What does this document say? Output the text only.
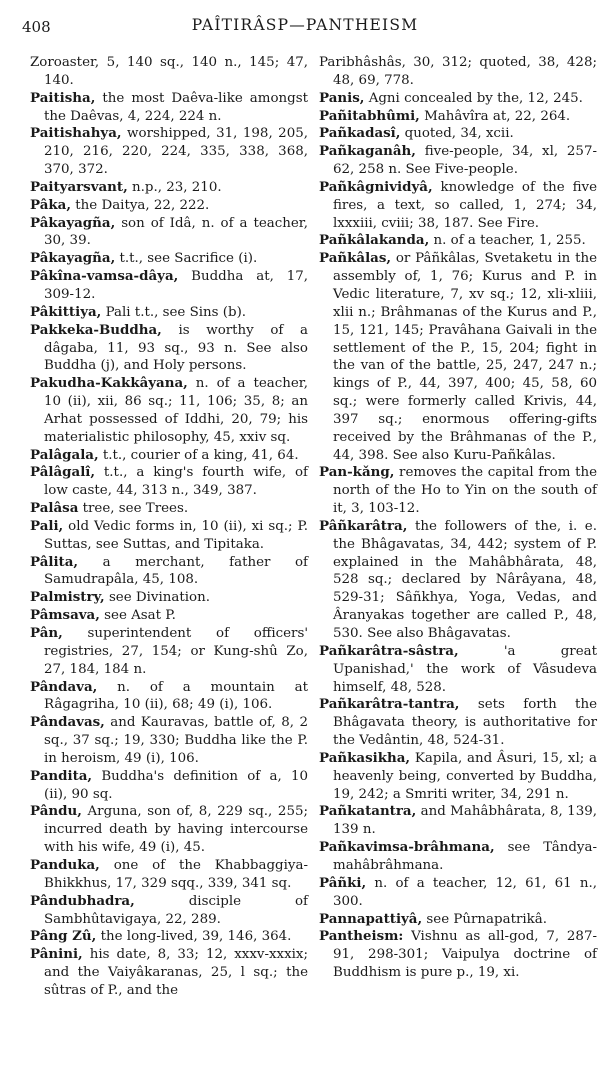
408	PAÎTIRÂSP—PANTHEISM

Zoroaster, 5, 140 sq., 140 n., 145; 47, 140.

Paitisha, the most Daêva-like amongst the Daêvas, 4, 224, 224 n.

Paitishahya, worshipped, 31, 198, 205, 210, 216, 220, 224, 335, 338, 368, 370, 372.

Paityarsvant, n.p., 23, 210.

Pâka, the Daitya, 22, 222.

Pâkayagña, son of Idâ, n. of a teacher, 30, 39.

Pâkayagña, t.t., see Sacrifice (i).

Pâkîna-vamsa-dâya, Buddha at, 17, 309-12.

Pâkittiya, Pali t.t., see Sins (b).

Pakkeka-Buddha, is worthy of a dâgaba, 11, 93 sq., 93 n. See also Buddha (j), and Holy persons.

Pakudha-Kakkâyana, n. of a teacher, 10 (ii), xii, 86 sq.; 11, 106; 35, 8; an Arhat possessed of Iddhi, 20, 79; his materialistic philosophy, 45, xxiv sq.

Palâgala, t.t., courier of a king, 41, 64.

Pâlâgalî, t.t., a king's fourth wife, of low caste, 44, 313 n., 349, 387.

Palâsa tree, see Trees.

Pali, old Vedic forms in, 10 (ii), xi sq.; P. Suttas, see Suttas, and Tipitaka.

Pâlita, a merchant, father of Samudrapâla, 45, 108.

Palmistry, see Divination.

Pâmsava, see Asat P.

Pân, superintendent of officers' registries, 27, 154; or Kung-shû Zo, 27, 184, 184 n.

Pândava, n. of a mountain at Râgagriha, 10 (ii), 68; 49 (i), 106.

Pândavas, and Kauravas, battle of, 8, 2 sq., 37 sq.; 19, 330; Buddha like the P. in heroism, 49 (i), 106.

Pandita, Buddha's definition of a, 10 (ii), 90 sq.

Pându, Arguna, son of, 8, 229 sq., 255; incurred death by having intercourse with his wife, 49 (i), 45.

Panduka, one of the Khabbaggiya-Bhikkhus, 17, 329 sqq., 339, 341 sq.

Pândubhadra,	disciple of Sambhûtavigaya, 22, 289.

Pâng Zû, the long-lived, 39, 146, 364.

Pânini, his date, 8, 33; 12, xxxv-xxxix; and the Vaiyâkaranas, 25, l sq.; the sûtras of P., and the

Paribhâshâs, 30, 312; quoted, 38, 428; 48, 69, 778.

Panis, Agni concealed by the, 12, 245.

Pañitabhûmi, Mahâvîra at, 22, 264.

Pañkadasî, quoted, 34, xcii.

Pañkaganâh, five-people, 34, xl, 257-62, 258 n. See Five-people.

Pañkâgnividyâ, knowledge of the five fires, a text, so called, 1, 274; 34, lxxxiii, cviii; 38, 187. See Fire.

Pañkâlakanda, n. of a teacher, 1, 255.

Pañkâlas, or Pâñkâlas, Svetaketu in the assembly of, 1, 76; Kurus and P. in Vedic literature, 7, xv sq.; 12, xli-xliii, xlii n.; Brâhmanas of the Kurus and P., 15, 121, 145; Pravâhana Gaivali in the settlement of the P., 15, 204; fight in the van of the battle, 25, 247, 247 n.; kings of P., 44, 397, 400; 45, 58, 60 sq.; were formerly called Krivis, 44, 397 sq.; enormous offering-gifts received by the Brâhmanas of the P., 44, 398. See also Kuru-Pañkâlas.

Pan-kǎng, removes the capital from the north of the Ho to Yin on the south of it, 3, 103-12.

Pâñkarâtra, the followers of the, i. e. the Bhâgavatas, 34, 442; system of P. explained in the Mahâbhârata, 48, 528 sq.; declared by Nârâyana, 48, 529-31; Sâñkhya, Yoga, Vedas, and Âranyakas together are called P., 48, 530. See also Bhâgavatas.

Pañkarâtra-sâstra,	'a great Upanishad,' the work of Vâsudeva himself, 48, 528.

Pañkarâtra-tantra, sets forth the Bhâgavata theory, is authoritative for the Vedântin, 48, 524-31.

Pañkasikha, Kapila, and Âsuri, 15, xl; a heavenly being, converted by Buddha, 19, 242; a Smriti writer, 34, 291 n.

Pañkatantra, and Mahâbhârata, 8, 139, 139 n.

Pañkavimsa-brâhmana, see Tândya-mahâbrâhmana.

Pâñki, n. of a teacher, 12, 61, 61 n., 300.

Pannapattiyâ, see Pûrnapatrikâ.

Pantheism: Vishnu as all-god, 7, 287-91, 298-301; Vaipulya doctrine of Buddhism is pure p., 19, xi.
